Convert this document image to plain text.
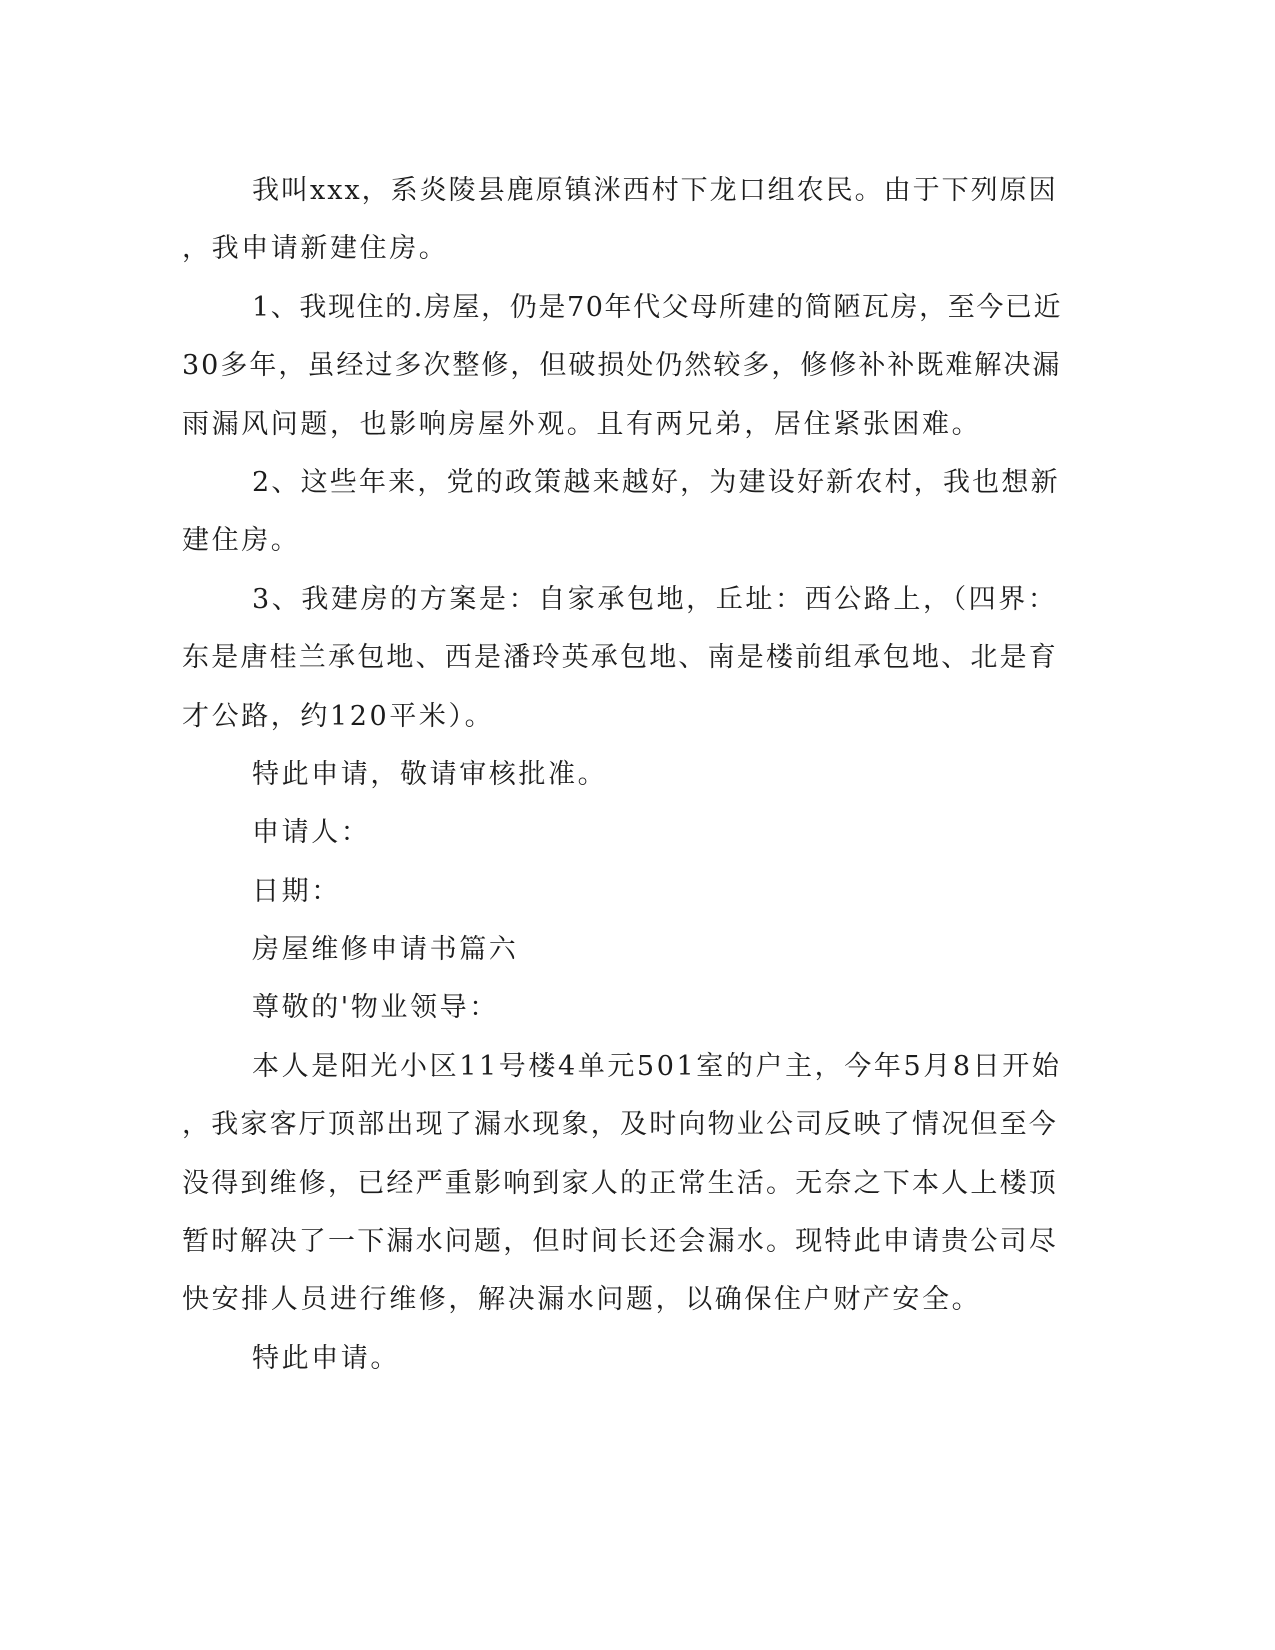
我叫xxx，系炎陵县鹿原镇洣西村下龙口组农民。由于下列原因

，我申请新建住房。

1、我现住的.房屋，仍是70年代父母所建的简陋瓦房，至今已近

30多年，虽经过多次整修，但破损处仍然较多，修修补补既难解决漏

雨漏风问题，也影响房屋外观。且有两兄弟，居住紧张困难。

2、这些年来，党的政策越来越好，为建设好新农村，我也想新

建住房。

3、我建房的方案是：自家承包地，丘址：西公路上，（四界：

东是唐桂兰承包地、西是潘玲英承包地、南是楼前组承包地、北是育

才公路，约120平米）。

特此申请，敬请审核批准。

申请人：

日期：

房屋维修申请书篇六

尊敬的'物业领导：

本人是阳光小区11号楼4单元501室的户主，今年5月8日开始

，我家客厅顶部出现了漏水现象，及时向物业公司反映了情况但至今

没得到维修，已经严重影响到家人的正常生活。无奈之下本人上楼顶

暂时解决了一下漏水问题，但时间长还会漏水。现特此申请贵公司尽

快安排人员进行维修，解决漏水问题，以确保住户财产安全。

特此申请。
